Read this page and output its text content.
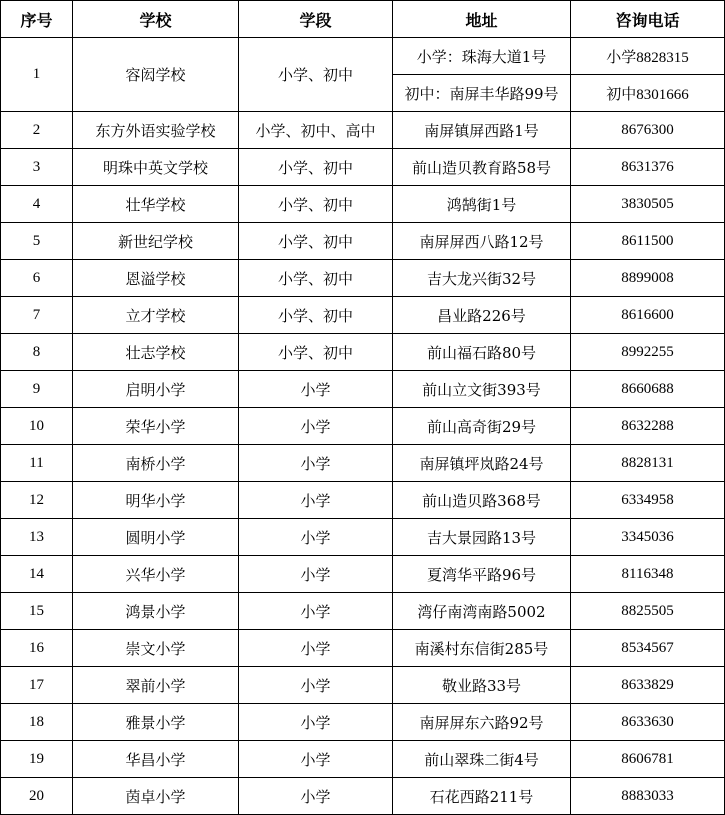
序号	学校	学段	地址	咨询电话
1	容闳学校	小学、初中	小学：珠海大道1号	小学8828315
			初中：南屏丰华路99号	初中8301666
2	东方外语实验学校	小学、初中、高中	南屏镇屏西路1号	8676300
3	明珠中英文学校	小学、初中	前山造贝教育路58号	8631376
4	壮华学校	小学、初中	鸿鹄街1号	3830505
5	新世纪学校	小学、初中	南屏屏西八路12号	8611500
6	恩溢学校	小学、初中	吉大龙兴街32号	8899008
7	立才学校	小学、初中	昌业路226号	8616600
8	壮志学校	小学、初中	前山福石路80号	8992255
9	启明小学	小学	前山立文街393号	8660688
10	荣华小学	小学	前山高奇街29号	8632288
11	南桥小学	小学	南屏镇坪岚路24号	8828131
12	明华小学	小学	前山造贝路368号	6334958
13	圆明小学	小学	吉大景园路13号	3345036
14	兴华小学	小学	夏湾华平路96号	8116348
15	鸿景小学	小学	湾仔南湾南路5002	8825505
16	崇文小学	小学	南溪村东信街285号	8534567
17	翠前小学	小学	敬业路33号	8633829
18	雅景小学	小学	南屏屏东六路92号	8633630
19	华昌小学	小学	前山翠珠二街4号	8606781
20	茵卓小学	小学	石花西路211号	8883033
